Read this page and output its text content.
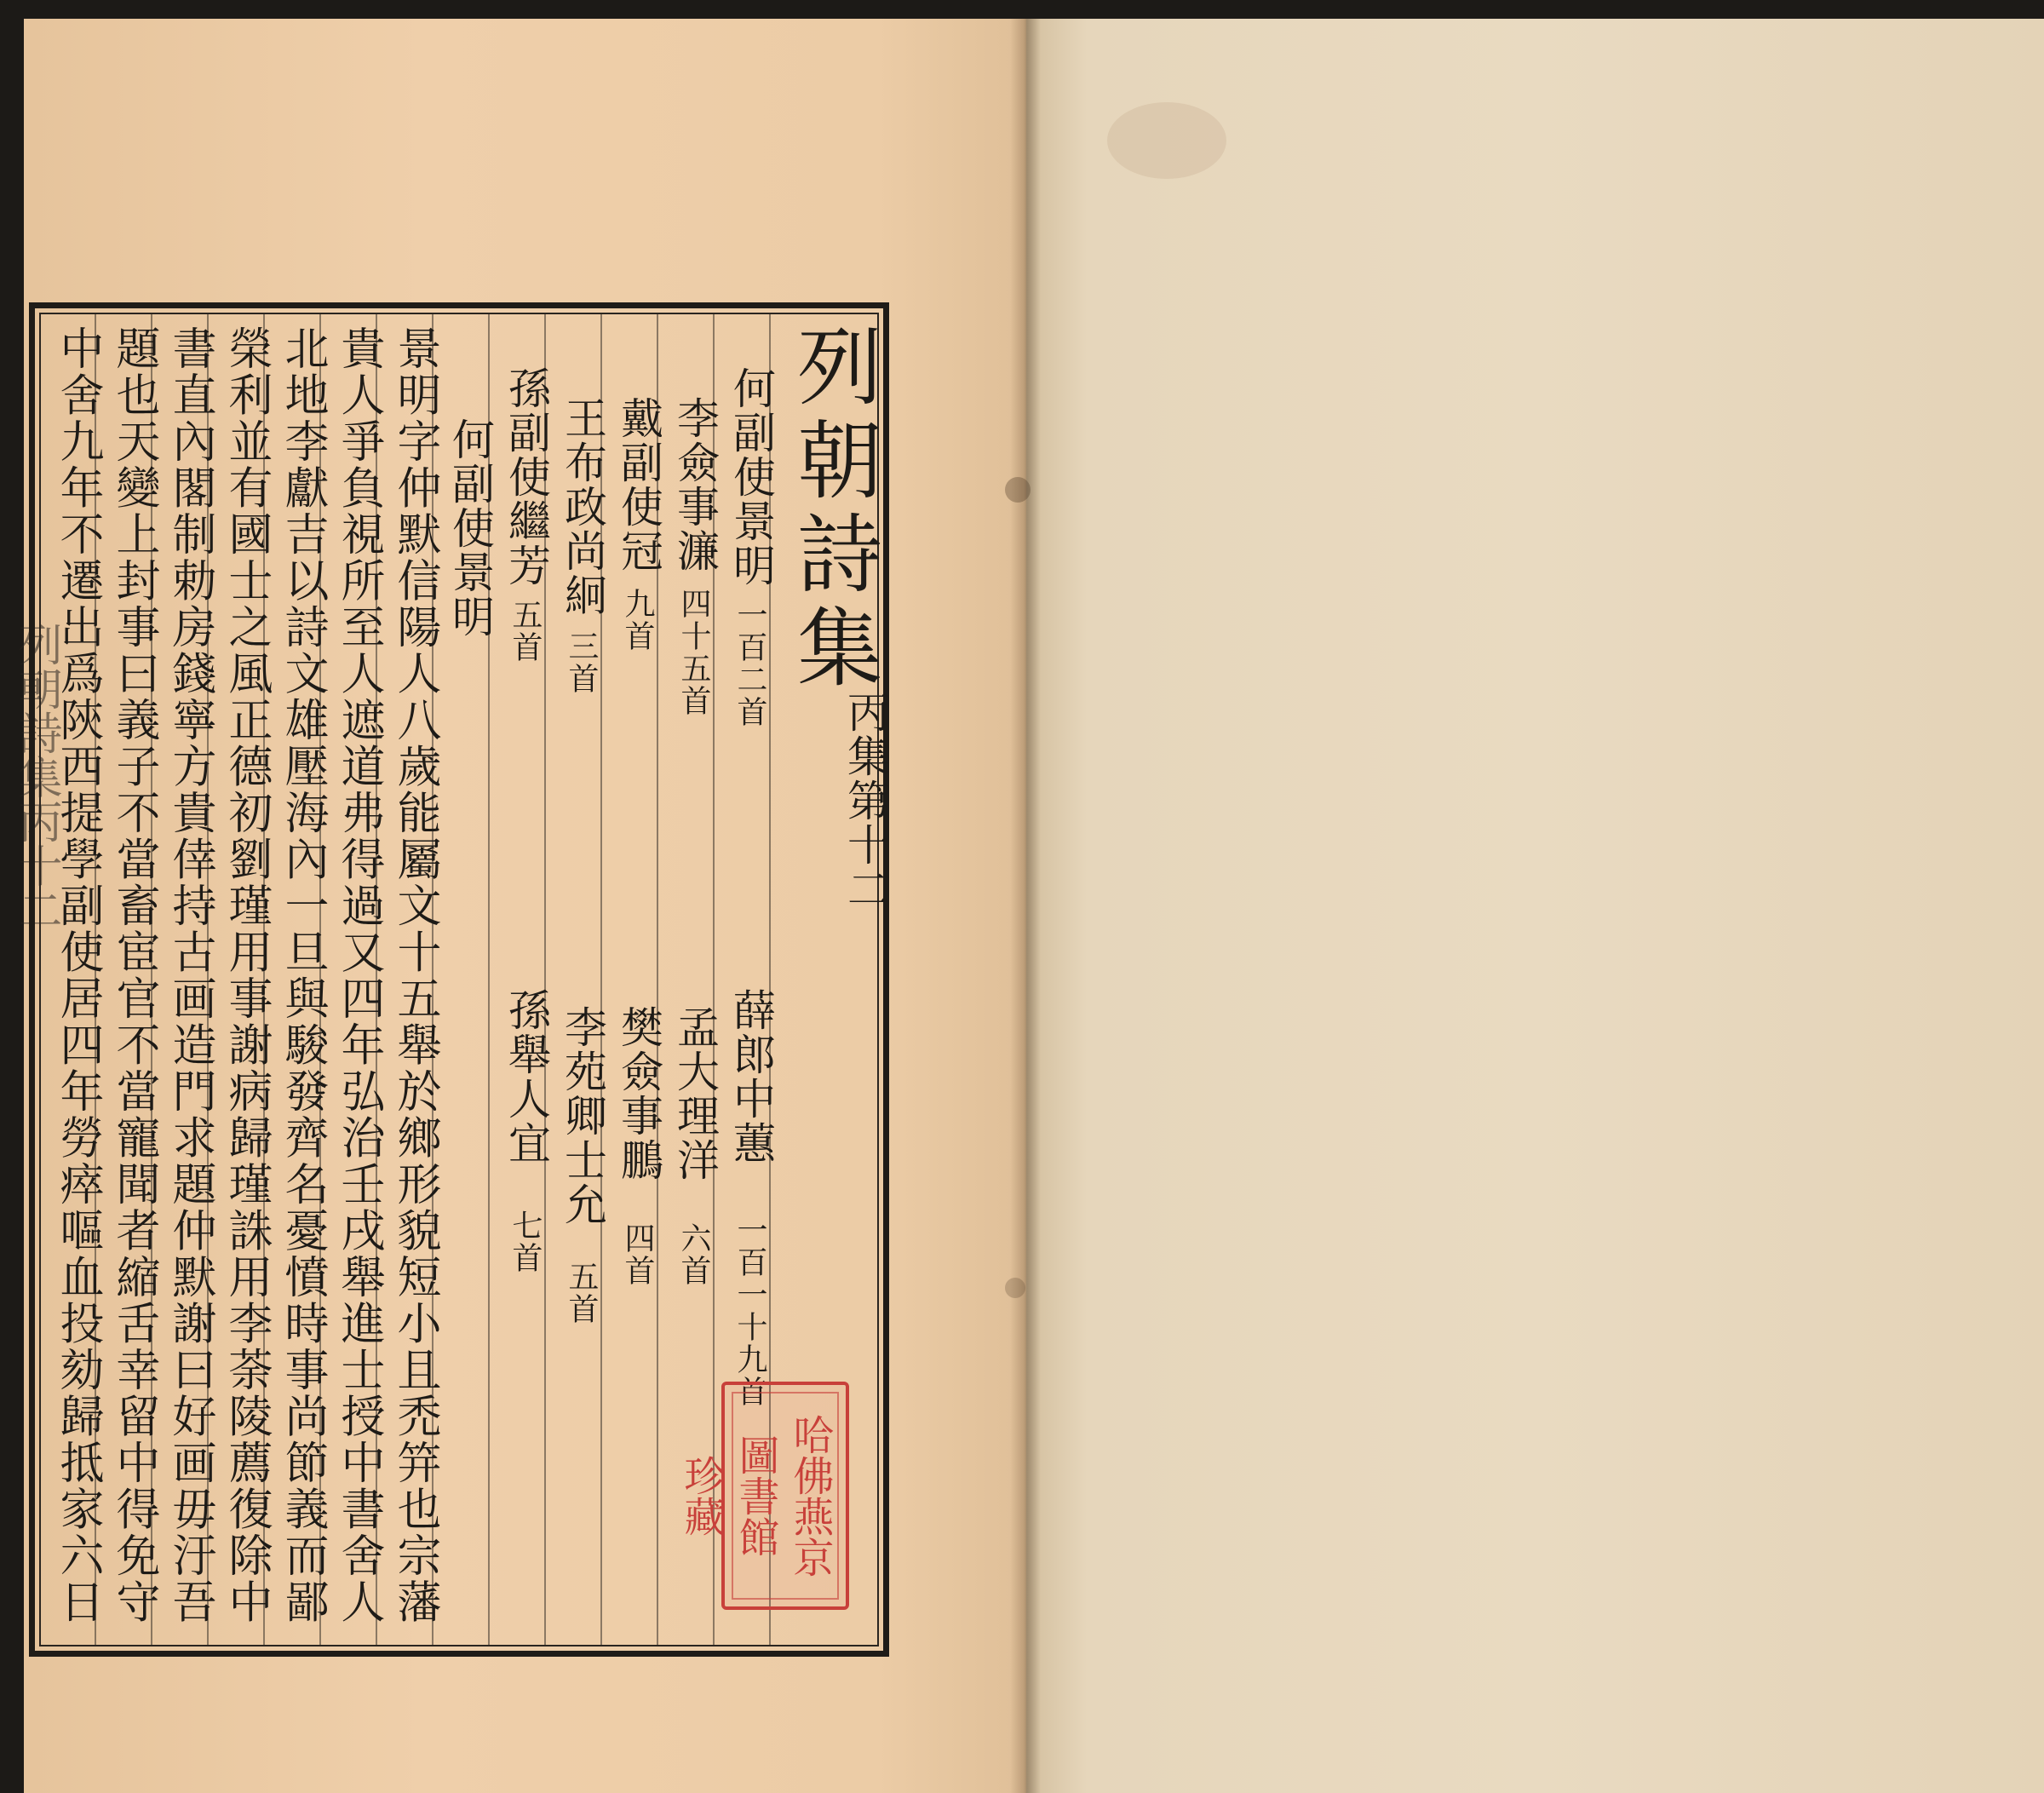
列朝詩集丙十二

列朝詩集

丙集第十二

何副使景明

一百二首

李僉事濂

四十五首

戴副使冠

九首

王布政尚絅

三首

孫副使繼芳

五首

薛郎中蕙

一百一十九首

孟大理洋

六首

樊僉事鵬

四首

李苑卿士允

五首

孫舉人宜

七首

何副使景明

景明字仲默信陽人八歲能屬文十五舉於鄉形貌短小且禿笄也宗藩

貴人爭負視所至人遮道弗得過又四年弘治壬戌舉進士授中書舍人

北地李獻吉以詩文雄壓海內一旦與駿發齊名憂憤時事尚節義而鄙

榮利並有國士之風正德初劉瑾用事謝病歸瑾誅用李荼陵薦復除中

書直內閣制勅房錢寧方貴倖持古画造門求題仲默謝曰好画毋汙吾

題也天變上封事曰義子不當畜宦官不當寵聞者縮舌幸留中得免守

中舍九年不遷出爲陝西提學副使居四年勞瘁嘔血投劾歸抵家六日	哈佛燕京
圖書館
珍藏
